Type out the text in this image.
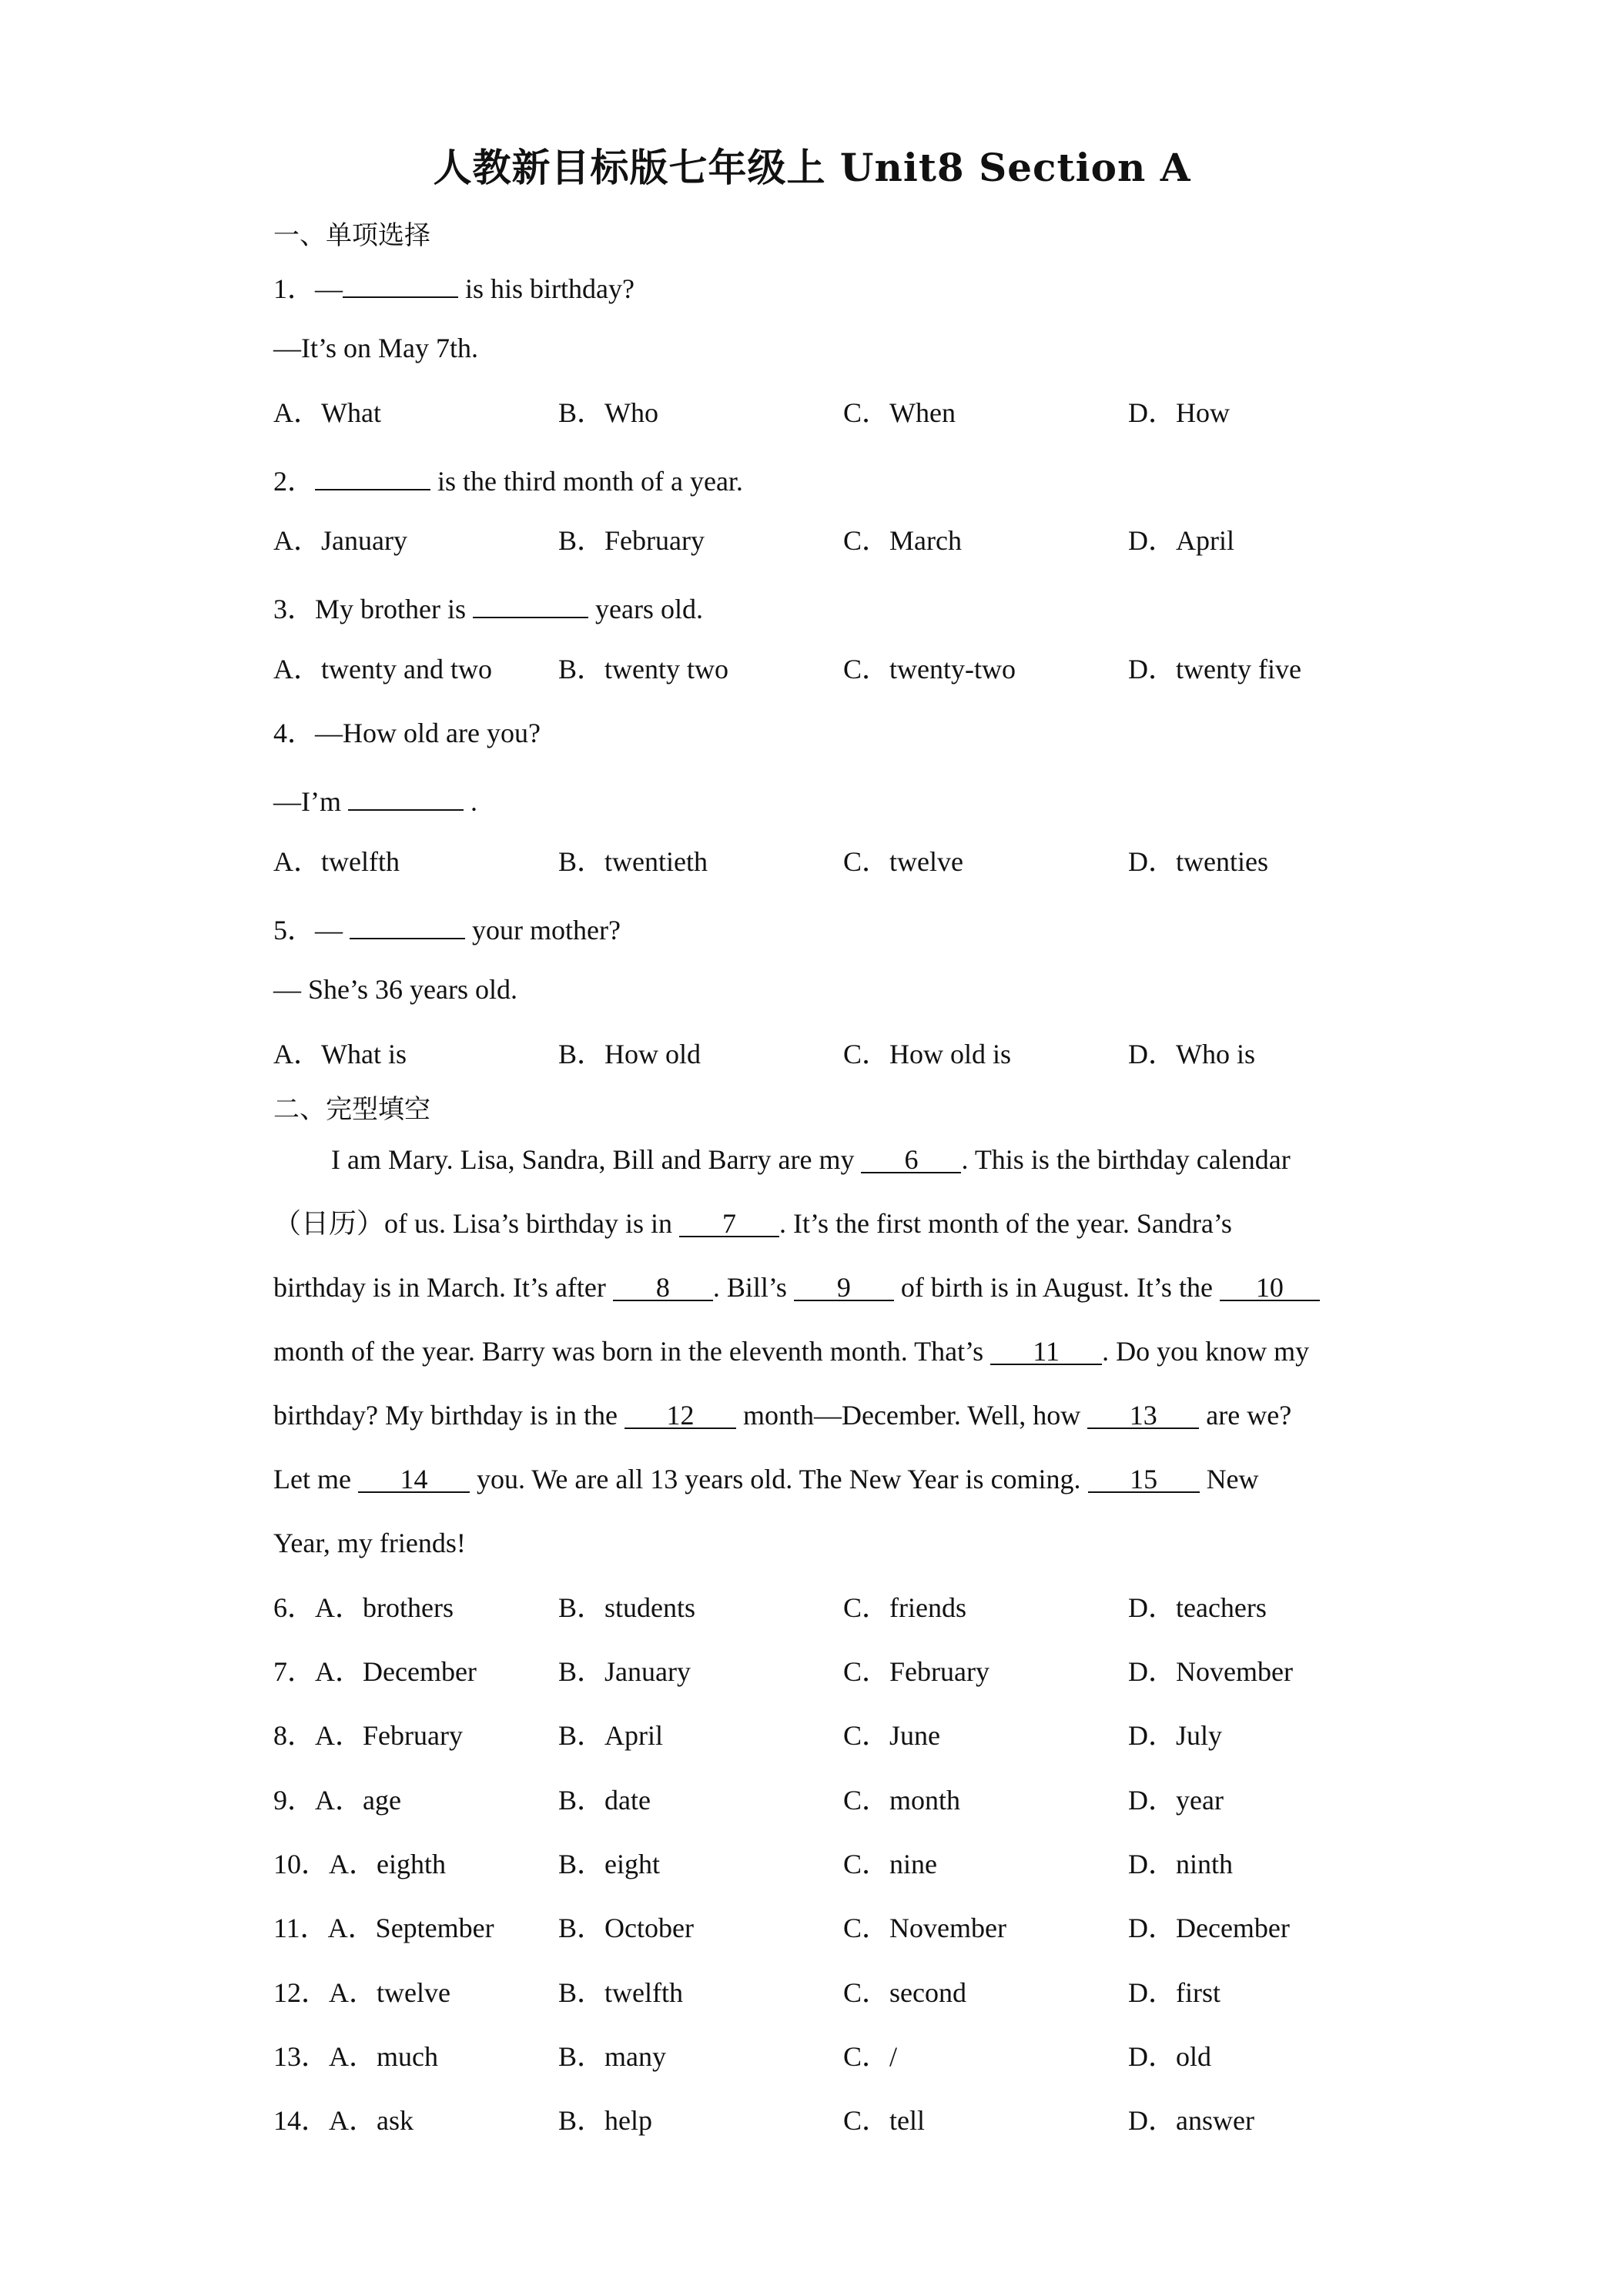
人教新目标版七年级上 Unit8 Section A
一、单项选择
1．—	is his birthday?
—It’s on May 7th.
A．What	B．Who	C．When	D．How
2．	is the third month of a year.
A．January	B．February	C．March	D．April
3．My brother is	years old.
A．twenty and two B．twenty two	C．twenty-two	D．twenty five
4．—How old are you?
—I’m	.
A．twelfth	B．twentieth	C．twelve	D．twenties
5．—	your mother?
— She’s 36 years old.
A．What is	B．How old	C．How old is	D．Who is
二、完型填空
I am Mary. Lisa, Sandra, Bill and Barry are my 6 . This is the birthday calendar
（日历）of us. Lisa’s birthday is in 7 . It’s the first month of the year. Sandra’s
birthday is in March. It’s after 8 . Bill’s 9 of birth is in August. It’s the 10
month of the year. Barry was born in the eleventh month. That’s 11 . Do you know my
birthday? My birthday is in the 12 month—December. Well, how 13 are we?
Let me 14 you. We are all 13 years old. The New Year is coming. 15 New
Year, my friends!
6．A．brothers	B．students	C．friends	D．teachers
7．A．December	B．January	C．February	D．November
8．A．February	B．April	C．June	D．July
9．A．age	B．date	C．month	D．year
10．A．eighth	B．eight	C．nine	D．ninth
11．A．September B．October	C．November	D．December
12．A．twelve	B．twelfth	C．second	D．first
13．A．much	B．many	C．/	D．old
14．A．ask	B．help	C．tell	D．answer
